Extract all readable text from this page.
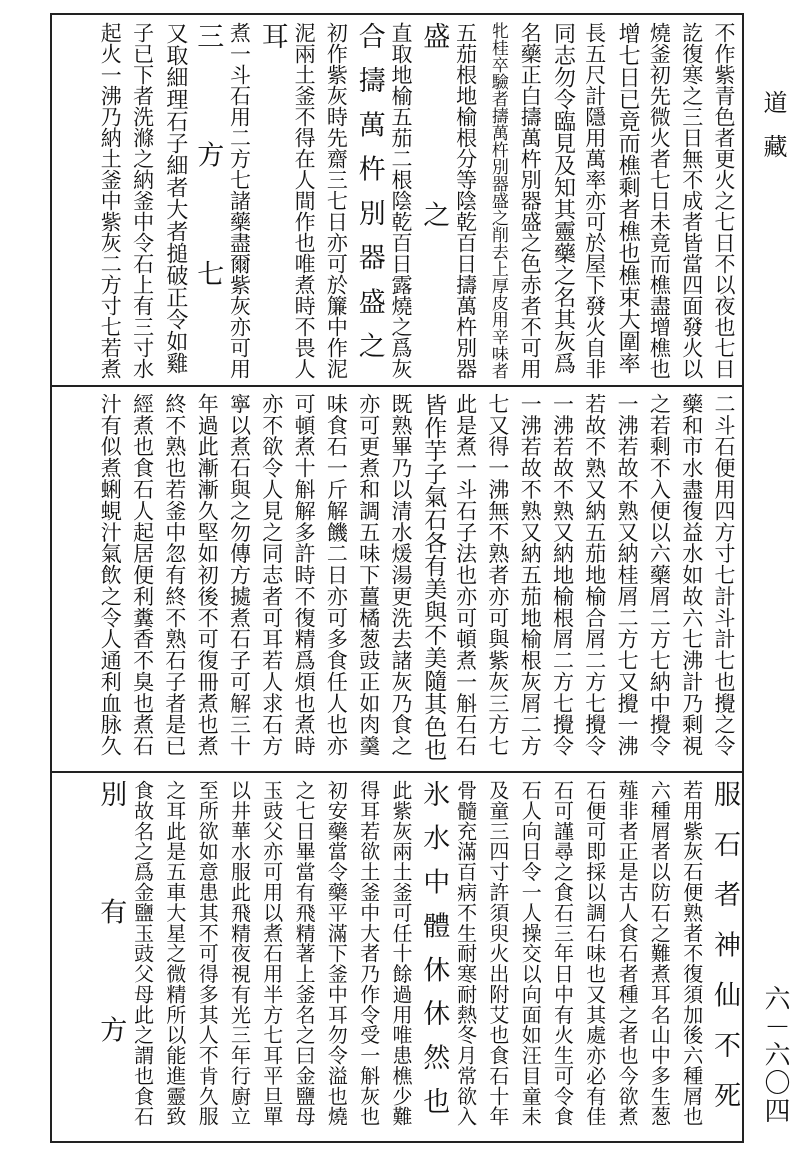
道藏
六－六〇四
不作紫青色者更火之七日不以夜也七日
訖復寒之三日無不成者皆當四面發火以
燒釜初先微火者七日未竟而樵盡增樵也
增七日已竟而樵剩者樵也樵束大圍率
長五尺計隱用萬率亦可於屋下發火自非
同志勿令臨見及知其靈藥之名其灰爲
名藥正白擣萬杵別器盛之色赤者不可用
牝桂卒驗者擣萬杵別器盛之削去上厚皮用辛味者
五茄根地榆根分等陰乾百日擣萬杵別器
盛之
直取地榆五茄二根陰乾百日露燒之爲灰
合擣萬杵別器盛之
初作紫灰時先齋三七日亦可於簾中作泥
泥兩土釜不得在人間作也唯煮時不畏人
耳
煮一斗石用二方七諸藥盡爾紫灰亦可用
三方七
又取細理石子細者大者搥破正令如雞
子已下者洗滌之納釜中令石上有三寸水
起火一沸乃納土釜中紫灰二方寸七若煮
二斗石便用四方寸七計斗計七也攪之令
藥和市水盡復益水如故六七沸計乃剩視
之若剩不入便以六藥屑二方七納中攪令
一沸若故不熟又納桂屑二方七又攪一沸
若故不熟又納五茄地榆合屑二方七攪令
一沸若故不熟又納地榆根屑二方七攪令
一沸若故不熟又納五茄地榆根灰屑二方
七又得一沸無不熟者亦可與紫灰三方七
此是煮一斗石子法也亦可頓煮一斛石石
皆作芋子氣石各有美與不美隨其色也
既熟畢乃以清水煖湯更洗去諸灰乃食之
亦可更煮和調五味下薑橘葱豉正如肉羹
味食石一斤解饑二日亦可多食任人也亦
可頓煮十斛解多許時不復精爲煩也煮時
亦不欲令人見之同志者可耳若人求石方
寧以煮石與之勿傳方㨿煮石子可解三十
年過此漸漸久堅如初後不可復冊煮也煮
終不熟也若釜中忽有終不熟石子者是已
經煮也食石人起居便利糞香不臭也煮石
汁有似煮蜊蜆汁氣飲之令人通利血脉久
服石者神仙不死
若用紫灰石便熟者不復須加後六種屑也
六種屑者以防石之難煮耳名山中多生葱
薤非者正是古人食石者種之者也今欲煮
石便可即採以調石味也又其處亦必有佳
石可謹尋之食石三年日中有火生可令食
石人向日令一人操交以向面如汪目童未
及童三四寸許須臾火出附艾也食石十年
骨髓充滿百病不生耐寒耐熱冬月常欲入
氷水中體休休然也
此紫灰兩土釜可任十餘過用唯患樵少難
得耳若欲土釜中大者乃作令受一斛灰也
初安藥當令藥平滿下釜中耳勿令溢也燒
之七日畢當有飛精著上釜名之曰金鹽母
玉豉父亦可用以煮石用半方七耳平旦單
以井華水服此飛精夜視有光三年行廚立
至所欲如意患其不可得多其人不肯久服
之耳此是五車大星之微精所以能進靈致
食故名之爲金鹽玉豉父母此之謂也食石
別有方
